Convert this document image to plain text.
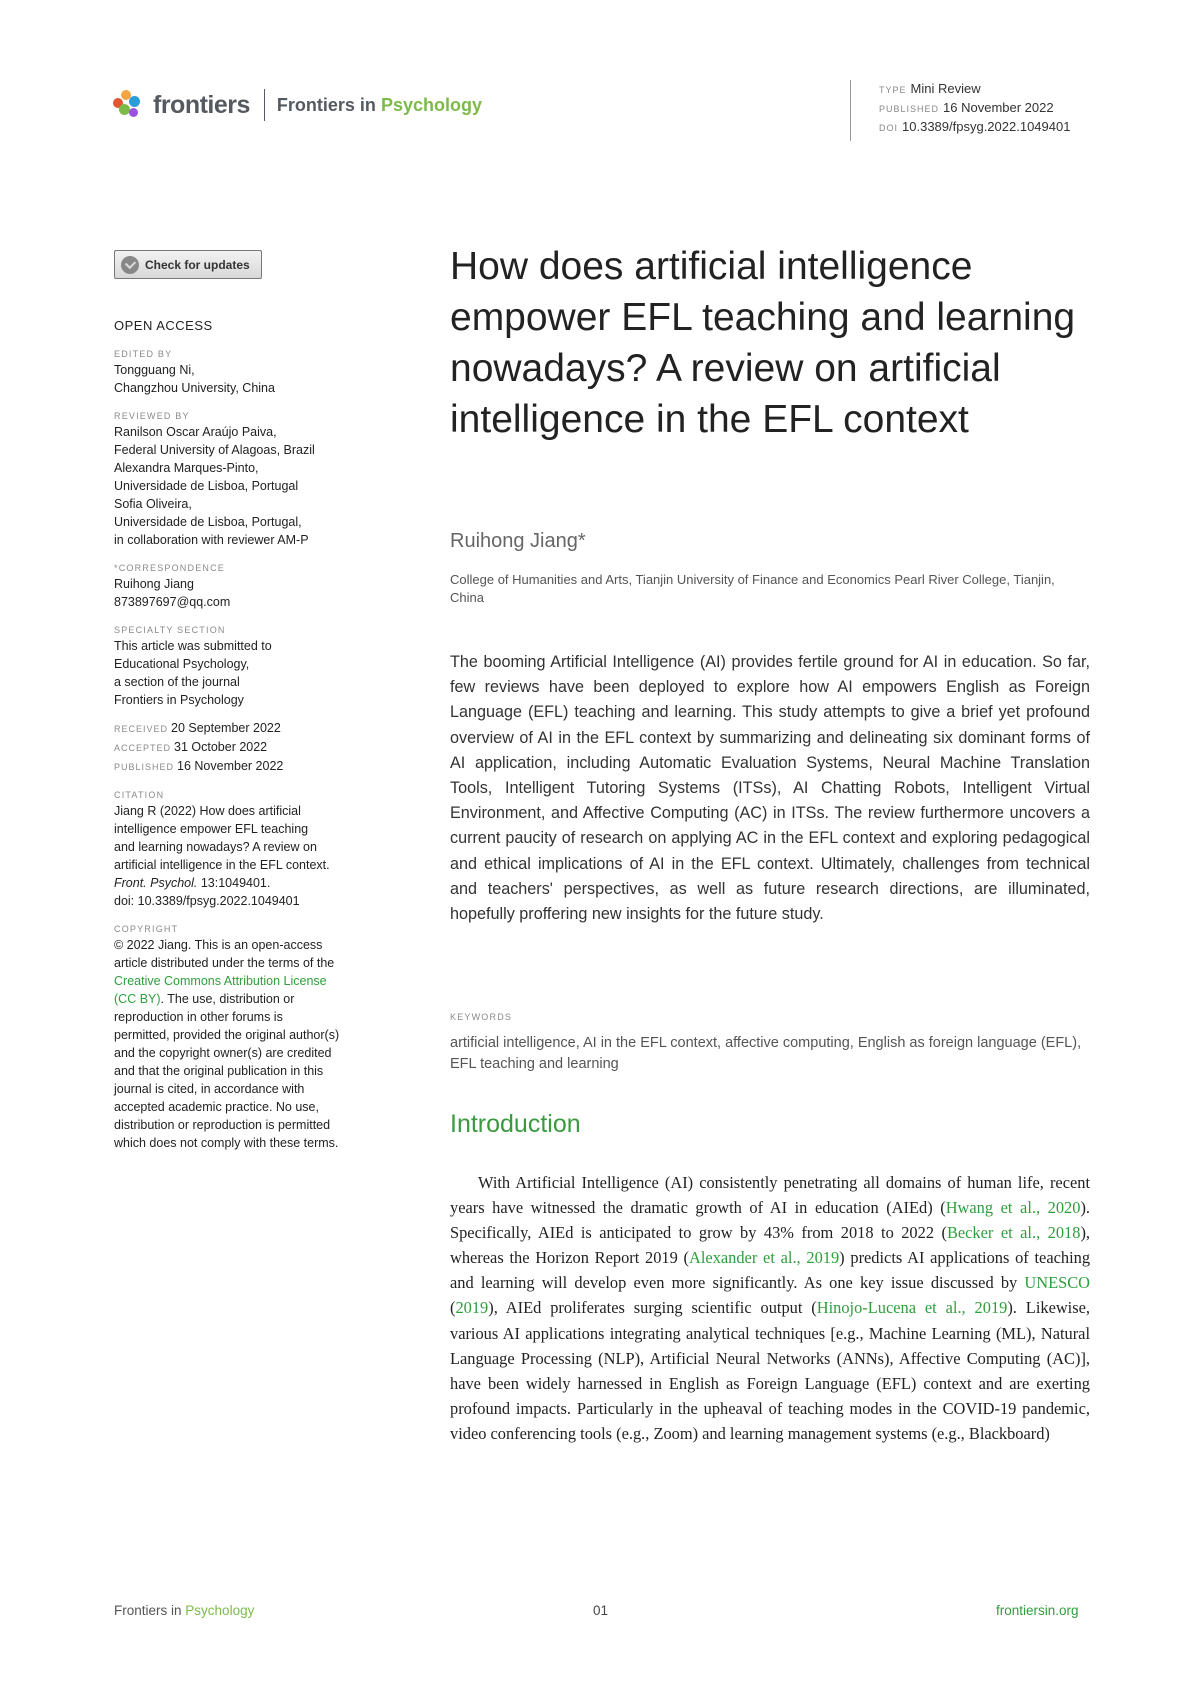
frontiers Frontiers in Psychology
TYPE Mini Review
PUBLISHED 16 November 2022
DOI 10.3389/fpsyg.2022.1049401
Check for updates
OPEN ACCESS
EDITED BY
Tongguang Ni,
Changzhou University, China
REVIEWED BY
Ranilson Oscar Araújo Paiva,
Federal University of Alagoas, Brazil
Alexandra Marques-Pinto,
Universidade de Lisboa, Portugal
Sofia Oliveira,
Universidade de Lisboa, Portugal,
in collaboration with reviewer AM-P
*CORRESPONDENCE
Ruihong Jiang
873897697@qq.com
SPECIALTY SECTION
This article was submitted to
Educational Psychology,
a section of the journal
Frontiers in Psychology
RECEIVED 20 September 2022
ACCEPTED 31 October 2022
PUBLISHED 16 November 2022
CITATION
Jiang R (2022) How does artificial
intelligence empower EFL teaching
and learning nowadays? A review on
artificial intelligence in the EFL context.
Front. Psychol. 13:1049401.
doi: 10.3389/fpsyg.2022.1049401
COPYRIGHT
© 2022 Jiang. This is an open-access article distributed under the terms of the Creative Commons Attribution License (CC BY). The use, distribution or reproduction in other forums is permitted, provided the original author(s) and the copyright owner(s) are credited and that the original publication in this journal is cited, in accordance with accepted academic practice. No use, distribution or reproduction is permitted which does not comply with these terms.
How does artificial intelligence empower EFL teaching and learning nowadays? A review on artificial intelligence in the EFL context
Ruihong Jiang*
College of Humanities and Arts, Tianjin University of Finance and Economics Pearl River College, Tianjin, China

The booming Artificial Intelligence (AI) provides fertile ground for AI in education. So far, few reviews have been deployed to explore how AI empowers English as Foreign Language (EFL) teaching and learning. This study attempts to give a brief yet profound overview of AI in the EFL context by summarizing and delineating six dominant forms of AI application, including Automatic Evaluation Systems, Neural Machine Translation Tools, Intelligent Tutoring Systems (ITSs), AI Chatting Robots, Intelligent Virtual Environment, and Affective Computing (AC) in ITSs. The review furthermore uncovers a current paucity of research on applying AC in the EFL context and exploring pedagogical and ethical implications of AI in the EFL context. Ultimately, challenges from technical and teachers' perspectives, as well as future research directions, are illuminated, hopefully proffering new insights for the future study.

KEYWORDS
artificial intelligence, AI in the EFL context, affective computing, English as foreign language (EFL), EFL teaching and learning
Introduction

With Artificial Intelligence (AI) consistently penetrating all domains of human life, recent years have witnessed the dramatic growth of AI in education (AIEd) (Hwang et al., 2020). Specifically, AIEd is anticipated to grow by 43% from 2018 to 2022 (Becker et al., 2018), whereas the Horizon Report 2019 (Alexander et al., 2019) predicts AI applications of teaching and learning will develop even more significantly. As one key issue discussed by UNESCO (2019), AIEd proliferates surging scientific output (Hinojo-Lucena et al., 2019). Likewise, various AI applications integrating analytical techniques [e.g., Machine Learning (ML), Natural Language Processing (NLP), Artificial Neural Networks (ANNs), Affective Computing (AC)], have been widely harnessed in English as Foreign Language (EFL) context and are exerting profound impacts. Particularly in the upheaval of teaching modes in the COVID-19 pandemic, video conferencing tools (e.g., Zoom) and learning management systems (e.g., Blackboard)

Frontiers in Psychology	01	frontiersin.org
